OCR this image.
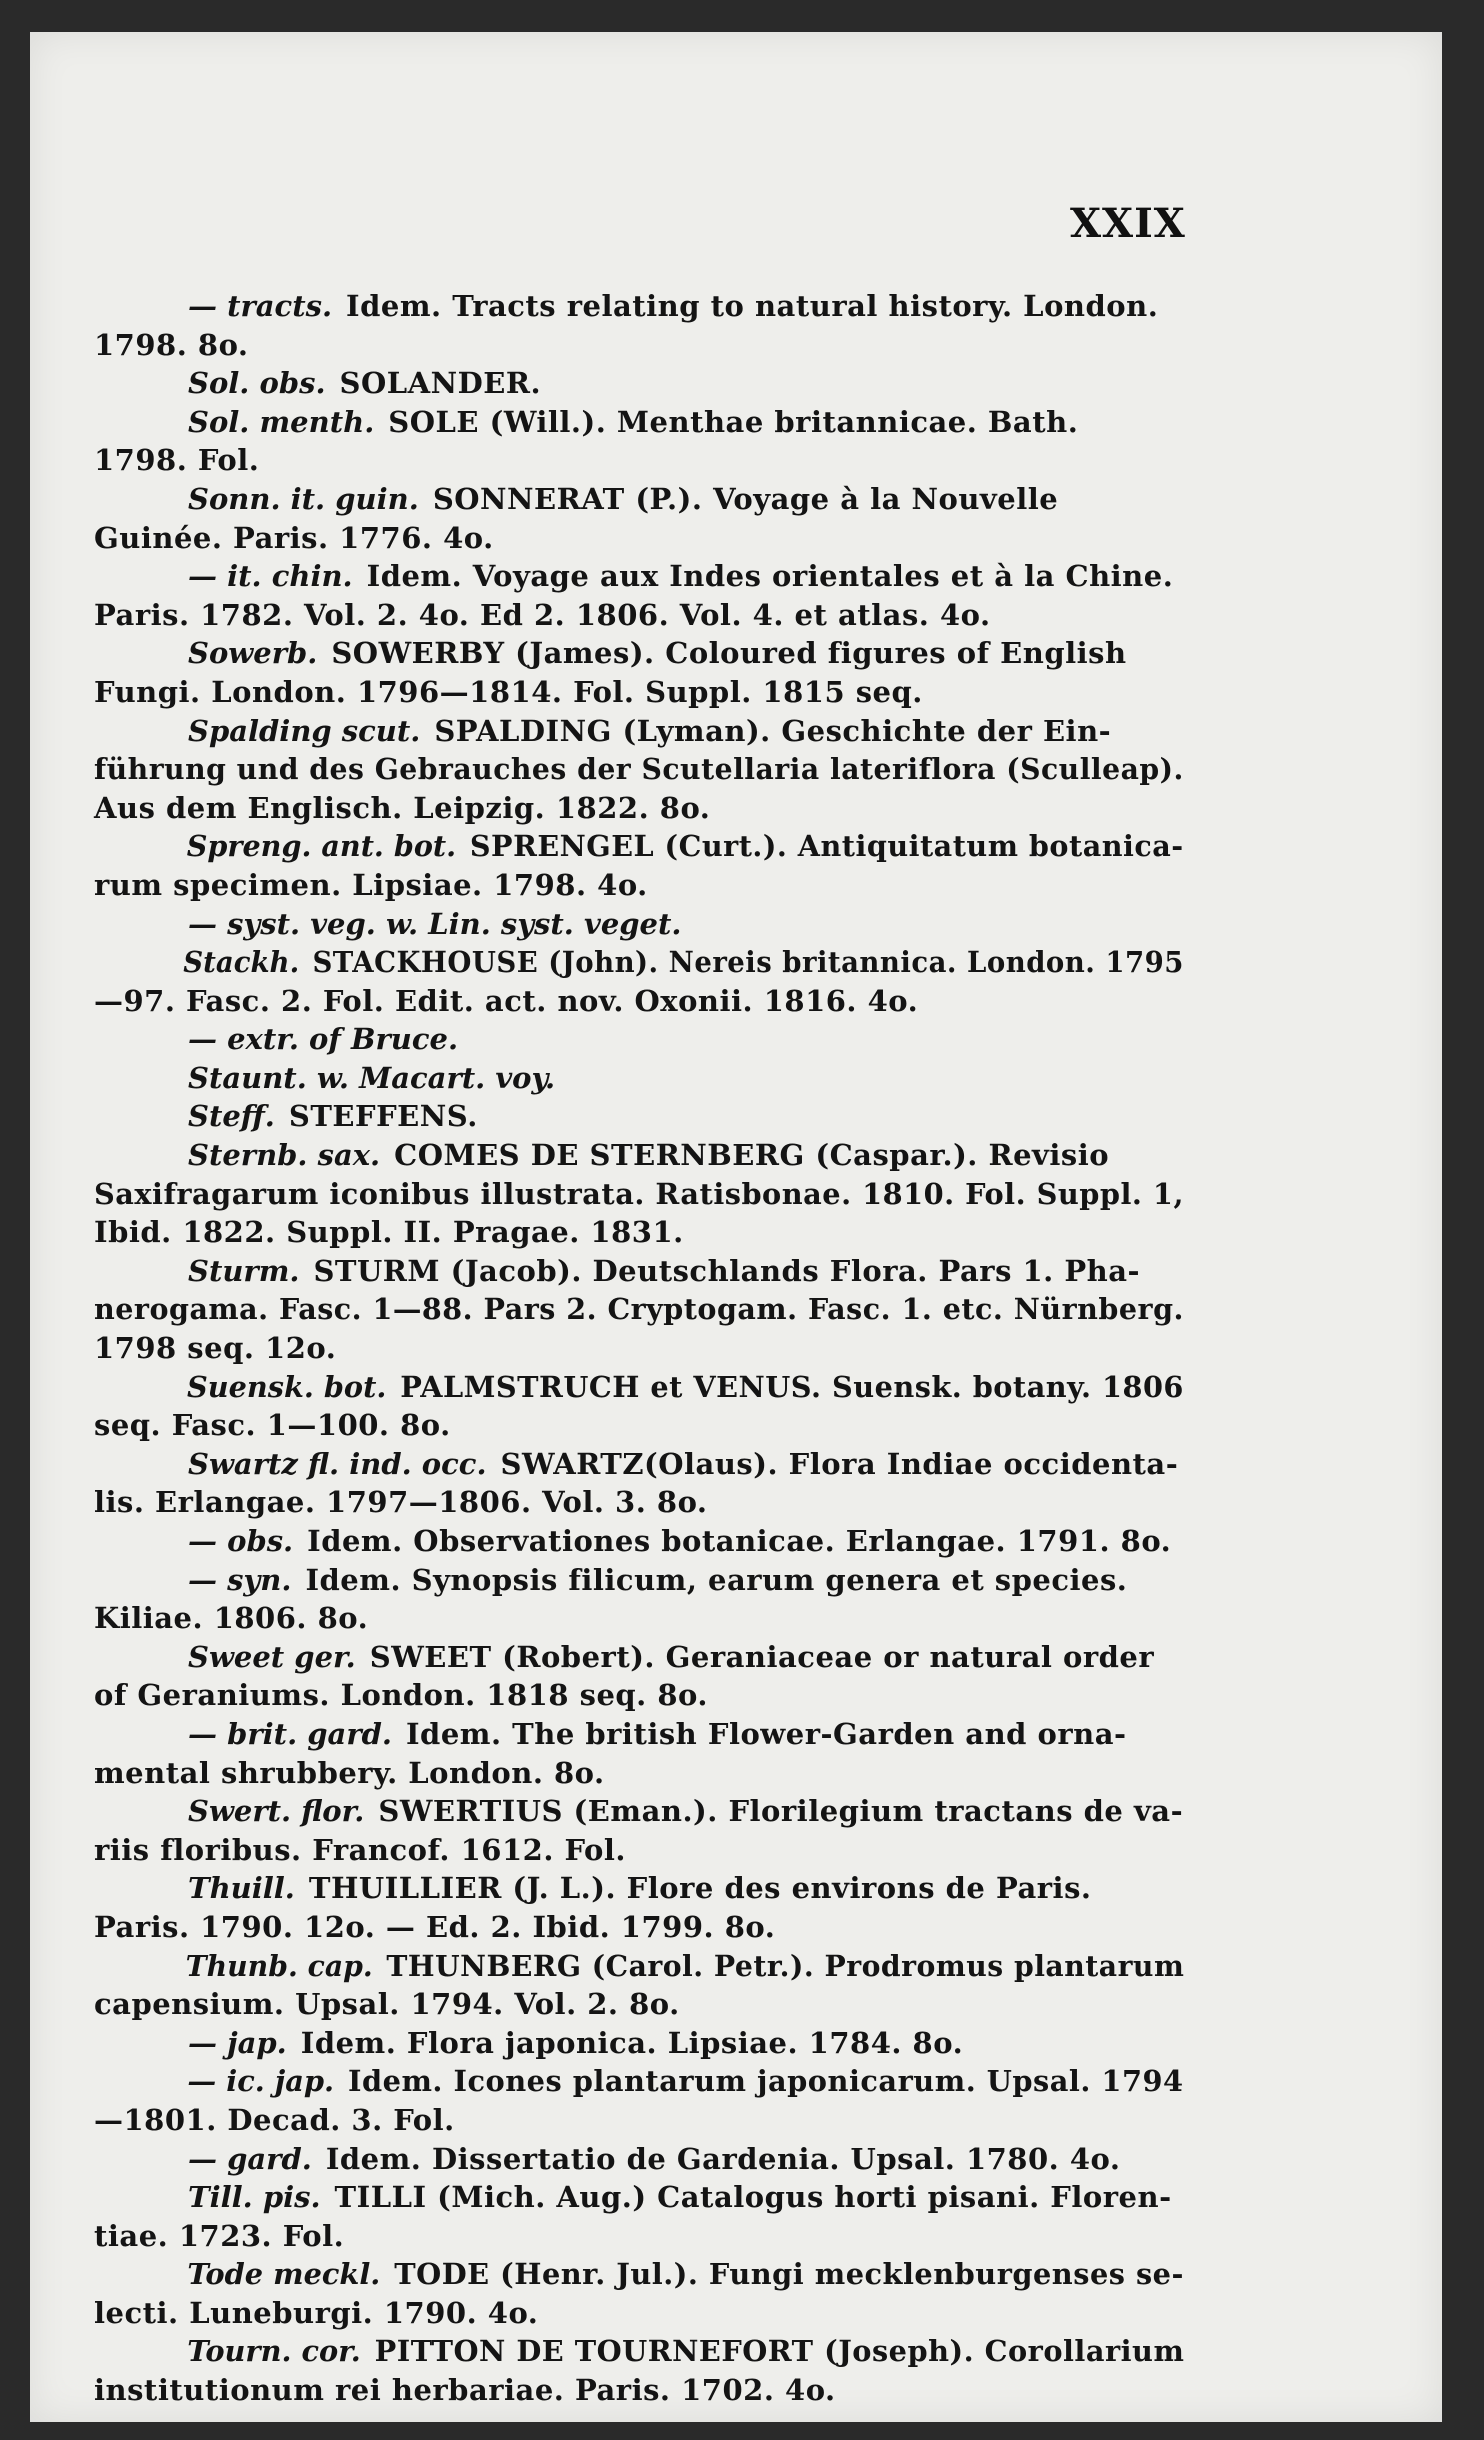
XXIX
— tracts. Idem. Tracts relating to natural history. London.
1798. 8o.
Sol. obs. SOLANDER.
Sol. menth. SOLE (Will.). Menthae britannicae. Bath.
1798. Fol.
Sonn. it. guin. SONNERAT (P.). Voyage à la Nouvelle
Guinée. Paris. 1776. 4o.
— it. chin. Idem. Voyage aux Indes orientales et à la Chine.
Paris. 1782. Vol. 2. 4o. Ed 2. 1806. Vol. 4. et atlas. 4o.
Sowerb. SOWERBY (James). Coloured figures of English
Fungi. London. 1796—1814. Fol. Suppl. 1815 seq.
Spalding scut. SPALDING (Lyman). Geschichte der Ein-
führung und des Gebrauches der Scutellaria lateriflora (Sculleap).
Aus dem Englisch. Leipzig. 1822. 8o.
Spreng. ant. bot. SPRENGEL (Curt.). Antiquitatum botanica-
rum specimen. Lipsiae. 1798. 4o.
— syst. veg. w. Lin. syst. veget.
Stackh. STACKHOUSE (John). Nereis britannica. London. 1795
—97. Fasc. 2. Fol. Edit. act. nov. Oxonii. 1816. 4o.
— extr. of Bruce.
Staunt. w. Macart. voy.
Steff. STEFFENS.
Sternb. sax. COMES DE STERNBERG (Caspar.). Revisio
Saxifragarum iconibus illustrata. Ratisbonae. 1810. Fol. Suppl. 1,
Ibid. 1822. Suppl. II. Pragae. 1831.
Sturm. STURM (Jacob). Deutschlands Flora. Pars 1. Pha-
nerogama. Fasc. 1—88. Pars 2. Cryptogam. Fasc. 1. etc. Nürnberg.
1798 seq. 12o.
Suensk. bot. PALMSTRUCH et VENUS. Suensk. botany. 1806
seq. Fasc. 1—100. 8o.
Swartz fl. ind. occ. SWARTZ(Olaus). Flora Indiae occidenta-
lis. Erlangae. 1797—1806. Vol. 3. 8o.
— obs. Idem. Observationes botanicae. Erlangae. 1791. 8o.
— syn. Idem. Synopsis filicum, earum genera et species.
Kiliae. 1806. 8o.
Sweet ger. SWEET (Robert). Geraniaceae or natural order
of Geraniums. London. 1818 seq. 8o.
— brit. gard. Idem. The british Flower-Garden and orna-
mental shrubbery. London. 8o.
Swert. flor. SWERTIUS (Eman.). Florilegium tractans de va-
riis floribus. Francof. 1612. Fol.
Thuill. THUILLIER (J. L.). Flore des environs de Paris.
Paris. 1790. 12o. — Ed. 2. Ibid. 1799. 8o.
Thunb. cap. THUNBERG (Carol. Petr.). Prodromus plantarum
capensium. Upsal. 1794. Vol. 2. 8o.
— jap. Idem. Flora japonica. Lipsiae. 1784. 8o.
— ic. jap. Idem. Icones plantarum japonicarum. Upsal. 1794
—1801. Decad. 3. Fol.
— gard. Idem. Dissertatio de Gardenia. Upsal. 1780. 4o.
Till. pis. TILLI (Mich. Aug.) Catalogus horti pisani. Floren-
tiae. 1723. Fol.
Tode meckl. TODE (Henr. Jul.). Fungi mecklenburgenses se-
lecti. Luneburgi. 1790. 4o.
Tourn. cor. PITTON DE TOURNEFORT (Joseph). Corollarium
institutionum rei herbariae. Paris. 1702. 4o.
